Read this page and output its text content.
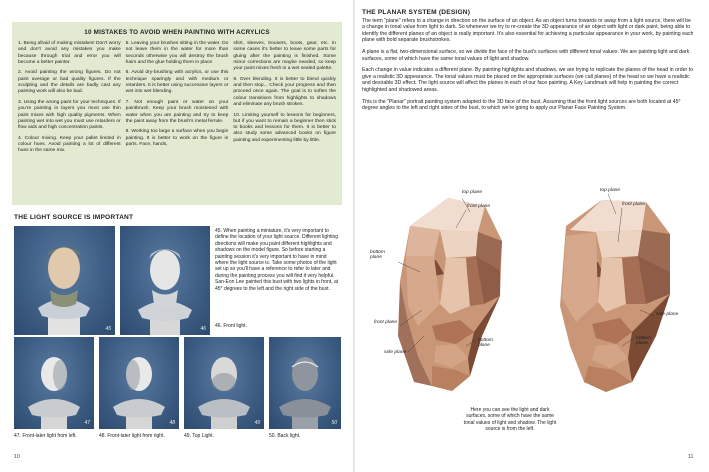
10 MISTAKES TO AVOID WHEN PAINTING WITH ACRYLICS

1. Being afraid of making mistakes! Don't worry and don't avoid any mistakes you make because through trial and error you will become a better painter.

2. Avoid painting the wrong figures. Do not paint average or bad quality figures. If the sculpting and the details are badly cast any painting work will also be bad.

3. Using the wrong paint for your techniques. If you're painting in layers you must use thin paint mixes with high quality pigments. When painting wet into wet you must use retarders or flow aids and high concentration paints.

4. Colour mixing. Keep your pallet limited in colour hues. Avoid painting a lot of different hues in the same mix.

5. Leaving your brushes sitting in the water. Do not leave them in the water for more than seconds otherwise you will destroy the brush hairs and the glue holding them in place.

6. Avoid dry-brushing with acrylics, or use this technique sparingly and with medium or retarders. It is better using successive layers or wet into wet blending.

7. Not enough paint or water on your paintbrush. Keep your brush moistened with water when you are painting and try to keep the paint away from the brush's metal ferrule.

8. Working too large a surface when you begin painting. It is better to work on the figure in parts. Face, hands,

shirt, sleeves, trousers, boots, gear, etc. In some cases it's better to leave some parts for gluing after the painting is finished. Some minor corrections are maybe needed, so keep your paint mixes fresh in a wet sealed palette.

9. Over blending. It is better to blend quickly and then stop... Check your progress and then proceed once again. The goal is to soften the colour transitions from highlights to shadows and eliminate any brush strokes.

10. Limiting yourself to lessons for beginners, but if you want to remain a beginner then stick to books and lessons for them. It is better to also study some advanced books on figure painting and experimenting little by little.

THE LIGHT SOURCE IS IMPORTANT
45	46
45. When painting a miniature, it's very important to define the location of your light source. Different lighting directions will make you paint different highlights and shadows on the model figure. So before starting a painting session it's very important to have in mind where the light source is. Take some photos of the light set up so you'll have a reference to refer to later and during the painting process you will find it very helpful. San-Eon Lee painted this bust with two lights in front, at 45° degrees to the left and the right side of the bust.
46. Front light.
47	48	49	50
47. Front-later light from left.	48. Front-later light from right.	49. Top Light.	50. Back light.
10
THE PLANAR SYSTEM (DESIGN)

The term "plane" refers to a change in direction on the surface of an object. As an object turns towards or away from a light source, there will be a change in tonal value from light to dark. So whenever we try to re-create the 3D appearance of an object with light or dark paint, being able to identify the different planes of an object is really important. It's also essential for achieving a particular appearance in your work, by painting each plane with bold separate brushstrokes.

A plane is a flat, two-dimensional surface, so we divide the face of the bust's surfaces with different tonal values. We are painting light and dark surfaces, some of which have the same tonal values of light and shadow.

Each change in value indicates a different plane. By painting highlights and shadows, we are trying to replicate the planes of the head in order to give a realistic 3D appearance. The tonal values must be placed on the appropriate surfaces (we call planes) of the head so we have a realistic and desirable 3D effect. The light source will affect the planes in each of our face painting. A Key Landmark will help in painting the correct highlighted and shadowed areas.

This is the "Planar" portrait painting system adapted to the 3D face of the bust. Assuming that the front light sources are both located at 45° degree angles to the left and right sides of the bust, to which we're going to apply our Planar Face Painting System.

top plane
front plane
bottom plane
front plane
side plane
bottom plane
top plane
front plane
side plane
bottom plane
Here you can see the light and dark surfaces, some of which have the same tonal values of light and shadow. The light source is from the left.
11
